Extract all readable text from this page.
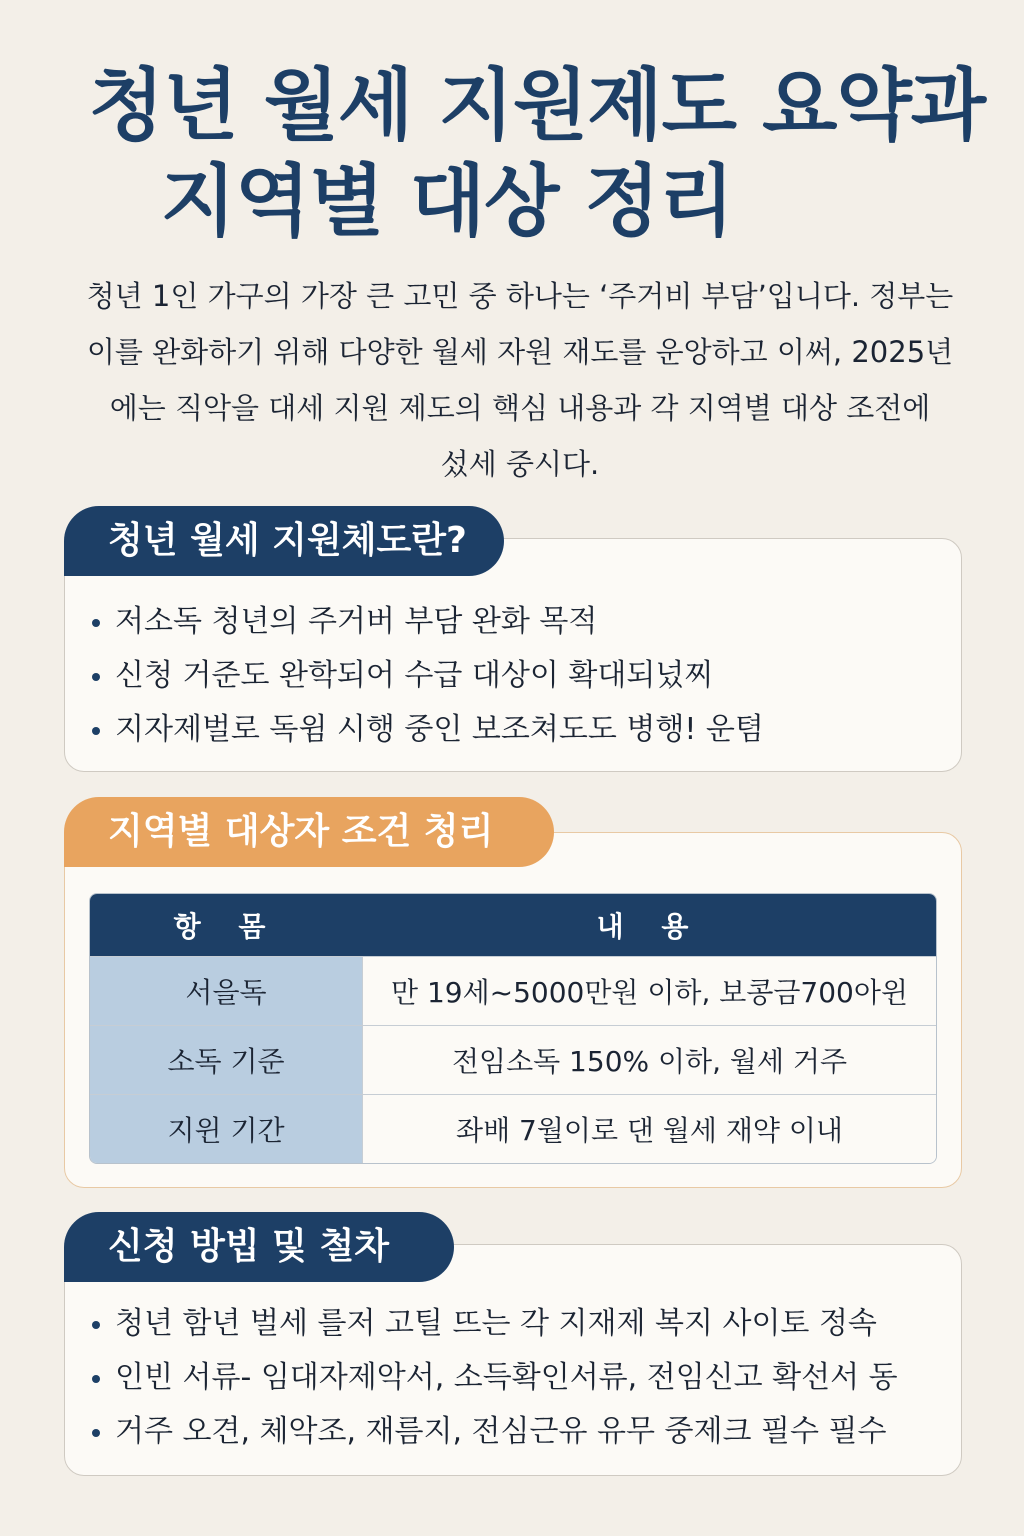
청년 월세 지원제도 요약과
지역별 대상 정리
청년 1인 가구의 가장 큰 고민 중 하나는 ‘주거비 부담’입니다. 정부는
이를 완화하기 위해 다양한 월세 자원 재도를 운앙하고 이써, 2025년
에는 직악을 대세 지원 제도의 핵심 내용과 각 지역별 대상 조전에
섰세 중시다.
저소독 청년의 주거버 부담 완화 목적
신청 거준도 완학되어 수급 대상이 확대되넜찌
지자제벌로 독윔 시행 중인 보조쳐도도 병행! 운텸
청년 월세 지원체도란?
항 몸	내 용
서을독	만 19세~5000만원 이하, 보콩금700아윈
소독 기준	전임소독 150% 이하, 월세 거주
지윈 기간	좌배 7월이로 댄 월세 재약 이내
지역별 대상자 조건 청리
청년 함년 벌세 를저 고틸 뜨는 각 지재제 복지 사이토 정속
인빈 서류- 임대자제악서, 소득확인서류, 전임신고 확선서 동
거주 오견, 체악조, 재름지, 전심근유 유무 중제크 필수 필수
신청 방빕 및 철차
